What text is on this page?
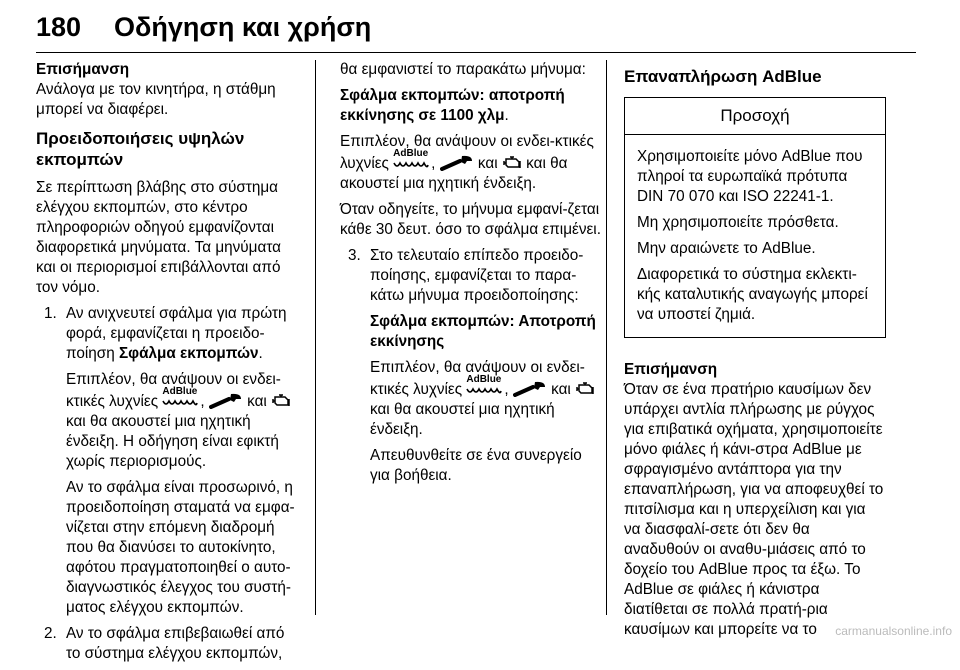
180 Οδήγηση και χρήση

Επισήμανση

Ανάλογα με τον κινητήρα, η στάθμη μπορεί να διαφέρει.

Προειδοποιήσεις υψηλών εκπομπών

Σε περίπτωση βλάβης στο σύστημα ελέγχου εκπομπών, στο κέντρο πληροφοριών οδηγού εμφανίζονται διαφορετικά μηνύματα. Τα μηνύματα και οι περιορισμοί επιβάλλονται από τον νόμο.

1. Αν ανιχνευτεί σφάλμα για πρώτη φορά, εμφανίζεται η προειδο-ποίηση Σφάλμα εκπομπών.
Επιπλέον, θα ανάψουν οι ενδει-κτικές λυχνίες
AdBlue
,  και  και θα ακουστεί μια ηχητική ένδειξη. Η οδήγηση είναι εφικτή χωρίς περιορισμούς.
Αν το σφάλμα είναι προσωρινό, η προειδοποίηση σταματά να εμφα-νίζεται στην επόμενη διαδρομή που θα διανύσει το αυτοκίνητο, αφότου πραγματοποιηθεί ο αυτο-διαγνωστικός έλεγχος του συστή-ματος ελέγχου εκπομπών.
2. Αν το σφάλμα επιβεβαιωθεί από το σύστημα ελέγχου εκπομπών,

θα εμφανιστεί το παρακάτω μήνυμα:

Σφάλμα εκπομπών: αποτροπή εκκίνησης σε 1100 χλμ.

Επιπλέον, θα ανάψουν οι ενδει-κτικές λυχνίες
AdBlue
,  και  και θα ακουστεί μια ηχητική ένδειξη.

Όταν οδηγείτε, το μήνυμα εμφανί-ζεται κάθε 30 δευτ. όσο το σφάλμα επιμένει.

3. Στο τελευταίο επίπεδο προειδο-ποίησης, εμφανίζεται το παρα-κάτω μήνυμα προειδοποίησης:
Σφάλμα εκπομπών: Αποτροπή εκκίνησης
Επιπλέον, θα ανάψουν οι ενδει-κτικές λυχνίες
AdBlue
,  και  και θα ακουστεί μια ηχητική ένδειξη.
Απευθυνθείτε σε ένα συνεργείο για βοήθεια.
Επαναπλήρωση AdBlue
Προσοχή

Χρησιμοποιείτε μόνο AdBlue που πληροί τα ευρωπαϊκά πρότυπα DIN 70 070 και ISO 22241-1.

Μη χρησιμοποιείτε πρόσθετα.

Μην αραιώνετε το AdBlue.

Διαφορετικά το σύστημα εκλεκτι-κής καταλυτικής αναγωγής μπορεί να υποστεί ζημιά.

Επισήμανση

Όταν σε ένα πρατήριο καυσίμων δεν υπάρχει αντλία πλήρωσης με ρύγχος για επιβατικά οχήματα, χρησιμοποιείτε μόνο φιάλες ή κάνι-στρα AdBlue με σφραγισμένο αντάπτορα για την επαναπλήρωση, για να αποφευχθεί το πιτσίλισμα και η υπερχείλιση και για να διασφαλί-σετε ότι δεν θα αναδυθούν οι αναθυ-μιάσεις από το δοχείο του AdBlue προς τα έξω. Το AdBlue σε φιάλες ή κάνιστρα διατίθεται σε πολλά πρατή-ρια καυσίμων και μπορείτε να το	carmanualsonline.info
